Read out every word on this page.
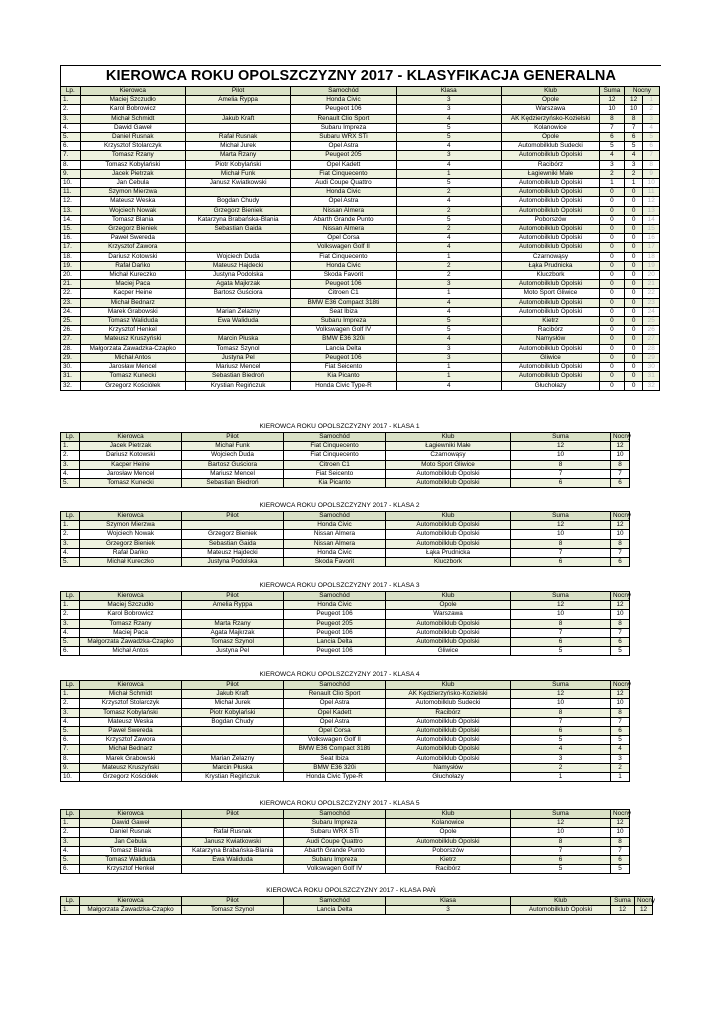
KIEROWCA ROKU OPOLSZCZYZNY 2017 - KLASYFIKACJA GENERALNA
Lp.	Kierowca	Pilot	Samochód	Klasa	Klub	Suma	Nocny	
1.	Maciej Szczudło	Amelia Ryppa	Honda Civic	3	Opole	12	12	1
2.	Karol Bobrowicz		Peugeot 106	3	Warszawa	10	10	2
3.	Michał Schmidt	Jakub Kraft	Renault Clio Sport	4	AK Kędzierzyńsko-Kozielski	8	8	3
4.	Dawid Gaweł		Subaru Impreza	5	Kolanowice	7	7	4
5.	Daniel Rusnak	Rafał Rusnak	Subaru WRX STi	5	Opole	6	6	5
6.	Krzysztof Stolarczyk	Michał Jurek	Opel Astra	4	Automobilklub Sudecki	5	5	6
7.	Tomasz Rzany	Marta Rzany	Peugeot 205	3	Automobilklub Opolski	4	4	7
8.	Tomasz Kobylański	Piotr Kobylański	Opel Kadett	4	Racibórz	3	3	8
9.	Jacek Pietrzak	Michał Funk	Fiat Cinquecento	1	Łagiewniki Małe	2	2	9
10.	Jan Cebula	Janusz Kwiatkowski	Audi Coupe Quattro	5	Automobilklub Opolski	1	1	10
11.	Szymon Mierzwa		Honda Civic	2	Automobilklub Opolski	0	0	11
12.	Mateusz Weska	Bogdan Chudy	Opel Astra	4	Automobilklub Opolski	0	0	12
13.	Wojciech Nowak	Grzegorz Bieniek	Nissan Almera	2	Automobilklub Opolski	0	0	13
14.	Tomasz Blania	Katarzyna Brabańska-Blania	Abarth Grande Punto	5	Poborszów	0	0	14
15.	Grzegorz Bieniek	Sebastian Gaida	Nissan Almera	2	Automobilklub Opolski	0	0	15
16.	Paweł Swereda		Opel Corsa	4	Automobilklub Opolski	0	0	16
17.	Krzysztof Zawora		Volkswagen Golf II	4	Automobilklub Opolski	0	0	17
18.	Dariusz Kotowski	Wojciech Duda	Fiat Cinquecento	1	Czarnowąsy	0	0	18
19.	Rafał Dańko	Mateusz Hajdecki	Honda Civic	2	Łąka Prudnicka	0	0	19
20.	Michał Kureczko	Justyna Podolska	Skoda Favorit	2	Kluczbork	0	0	20
21.	Maciej Paca	Agata Majkrzak	Peugeot 106	3	Automobilklub Opolski	0	0	21
22.	Kacper Heine	Bartosz Guściora	Citroen C1	1	Moto Sport Gliwice	0	0	22
23.	Michał Bednarz		BMW E36 Compact 318ti	4	Automobilklub Opolski	0	0	23
24.	Marek Grabowski	Marian Żelazny	Seat Ibiza	4	Automobilklub Opolski	0	0	24
25.	Tomasz Waliduda	Ewa Waliduda	Subaru Impreza	5	Kietrz	0	0	25
26.	Krzysztof Henkel		Volkswagen Golf IV	5	Racibórz	0	0	26
27.	Mateusz Kruszyński	Marcin Płuska	BMW E36 320i	4	Namysłów	0	0	27
28.	Małgorzata Zawadzka-Czapko	Tomasz Szynol	Lancia Delta	3	Automobilklub Opolski	0	0	28
29.	Michał Antos	Justyna Pel	Peugeot 106	3	Gliwice	0	0	29
30.	Jarosław Mencel	Mariusz Mencel	Fiat Seicento	1	Automobilklub Opolski	0	0	30
31.	Tomasz Kunecki	Sebastian Biedroń	Kia Picanto	1	Automobilklub Opolski	0	0	31
32.	Grzegorz Kościółek	Krystian Regińczuk	Honda Civic Type-R	4	Głuchołazy	0	0	32
KIEROWCA ROKU OPOLSZCZYZNY 2017 - KLASA 1
Lp.	Kierowca	Pilot	Samochód	Klub	Suma	Nocny
1.	Jacek Pietrzak	Michał Funk	Fiat Cinquecento	Łagiewniki Małe	12	12
2.	Dariusz Kotowski	Wojciech Duda	Fiat Cinquecento	Czarnowąsy	10	10
3.	Kacper Heine	Bartosz Guściora	Citroen C1	Moto Sport Gliwice	8	8
4.	Jarosław Mencel	Mariusz Mencel	Fiat Seicento	Automobilklub Opolski	7	7
5.	Tomasz Kunecki	Sebastian Biedroń	Kia Picanto	Automobilklub Opolski	6	6
KIEROWCA ROKU OPOLSZCZYZNY 2017 - KLASA 2
Lp.	Kierowca	Pilot	Samochód	Klub	Suma	Nocny
1.	Szymon Mierzwa		Honda Civic	Automobilklub Opolski	12	12
2.	Wojciech Nowak	Grzegorz Bieniek	Nissan Almera	Automobilklub Opolski	10	10
3.	Grzegorz Bieniek	Sebastian Gaida	Nissan Almera	Automobilklub Opolski	8	8
4.	Rafał Dańko	Mateusz Hajdecki	Honda Civic	Łąka Prudnicka	7	7
5.	Michał Kureczko	Justyna Podolska	Skoda Favorit	Kluczbork	6	6
KIEROWCA ROKU OPOLSZCZYZNY 2017 - KLASA 3
Lp.	Kierowca	Pilot	Samochód	Klub	Suma	Nocny
1.	Maciej Szczudło	Amelia Ryppa	Honda Civic	Opole	12	12
2.	Karol Bobrowicz		Peugeot 106	Warszawa	10	10
3.	Tomasz Rzany	Marta Rzany	Peugeot 205	Automobilklub Opolski	8	8
4.	Maciej Paca	Agata Majkrzak	Peugeot 106	Automobilklub Opolski	7	7
5.	Małgorzata Zawadzka-Czapko	Tomasz Szynol	Lancia Delta	Automobilklub Opolski	6	6
6.	Michał Antos	Justyna Pel	Peugeot 106	Gliwice	5	5
KIEROWCA ROKU OPOLSZCZYZNY 2017 - KLASA 4
Lp.	Kierowca	Pilot	Samochód	Klub	Suma	Nocny
1.	Michał Schmidt	Jakub Kraft	Renault Clio Sport	AK Kędzierzyńsko-Kozielski	12	12
2.	Krzysztof Stolarczyk	Michał Jurek	Opel Astra	Automobilklub Sudecki	10	10
3.	Tomasz Kobylański	Piotr Kobylański	Opel Kadett	Racibórz	8	8
4.	Mateusz Weska	Bogdan Chudy	Opel Astra	Automobilklub Opolski	7	7
5.	Paweł Swereda		Opel Corsa	Automobilklub Opolski	6	6
6.	Krzysztof Zawora		Volkswagen Golf II	Automobilklub Opolski	5	5
7.	Michał Bednarz		BMW E36 Compact 318ti	Automobilklub Opolski	4	4
8.	Marek Grabowski	Marian Żelazny	Seat Ibiza	Automobilklub Opolski	3	3
9.	Mateusz Kruszyński	Marcin Płuska	BMW E36 320i	Namysłów	2	2
10.	Grzegorz Kościółek	Krystian Regińczuk	Honda Civic Type-R	Głuchołazy	1	1
KIEROWCA ROKU OPOLSZCZYZNY 2017 - KLASA 5
Lp.	Kierowca	Pilot	Samochód	Klub	Suma	Nocny
1.	Dawid Gaweł		Subaru Impreza	Kolanowice	12	12
2.	Daniel Rusnak	Rafał Rusnak	Subaru WRX STi	Opole	10	10
3.	Jan Cebula	Janusz Kwiatkowski	Audi Coupe Quattro	Automobilklub Opolski	8	8
4.	Tomasz Blania	Katarzyna Brabańska-Blania	Abarth Grande Punto	Poborszów	7	7
5.	Tomasz Waliduda	Ewa Waliduda	Subaru Impreza	Kietrz	6	6
6.	Krzysztof Henkel		Volkswagen Golf IV	Racibórz	5	5
KIEROWCA ROKU OPOLSZCZYZNY 2017 - KLASA PAŃ
Lp.	Kierowca	Pilot	Samochód	Klasa	Klub	Suma	Nocny
1.	Małgorzata Zawadzka-Czapko	Tomasz Szynol	Lancia Delta	3	Automobilklub Opolski	12	12
